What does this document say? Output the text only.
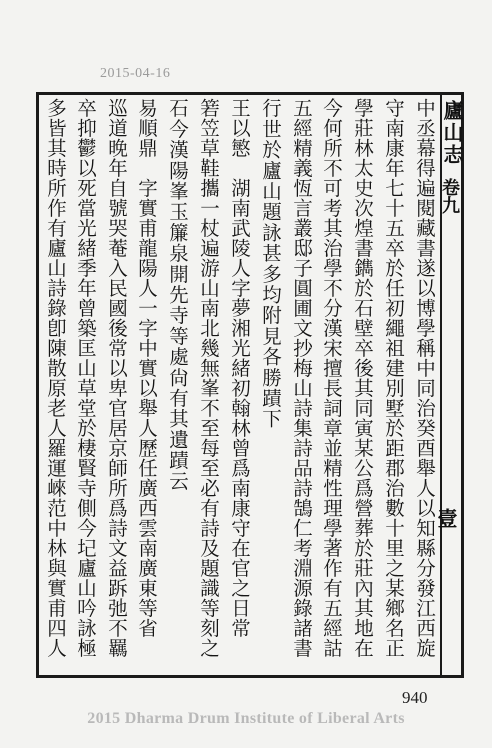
2015-04-16
廬山志
卷九
壹
中丞幕得遍閱藏書遂以博學稱中同治癸酉舉人以知縣分發江西旋
守南康年七十五卒於任初繩祖建別墅於距郡治數十里之某鄉名正
學莊林太史次煌書鐫於石壁卒後其同寅某公爲營葬於莊內其地在
今何所不可考其治學不分漢宋擅長詞章並精性理學著作有五經詁
五經精義恆言叢邸子圓圃文抄梅山詩集詩品詩鵠仁考淵源錄諸書
行世於廬山題詠甚多均附見各勝蹟下
王以慜　湖南武陵人字夢湘光緒初翰林曾爲南康守在官之日常
箬笠草鞋攜一杖遍游山南北幾無峯不至每至必有詩及題識等刻之
石今漢陽峯玉簾泉開先寺等處尙有其遺蹟云
易順鼎　字實甫龍陽人一字中實以舉人歷任廣西雲南廣東等省
巡道晚年自號哭菴入民國後常以卑官居京師所爲詩文益跅弛不羈
卒抑鬱以死當光緒季年曾築匡山草堂於棲賢寺側今圮廬山吟詠極
多皆其時所作有廬山詩錄卽陳散原老人羅運崍范中林與實甫四人
940
2015 Dharma Drum Institute of Liberal Arts
